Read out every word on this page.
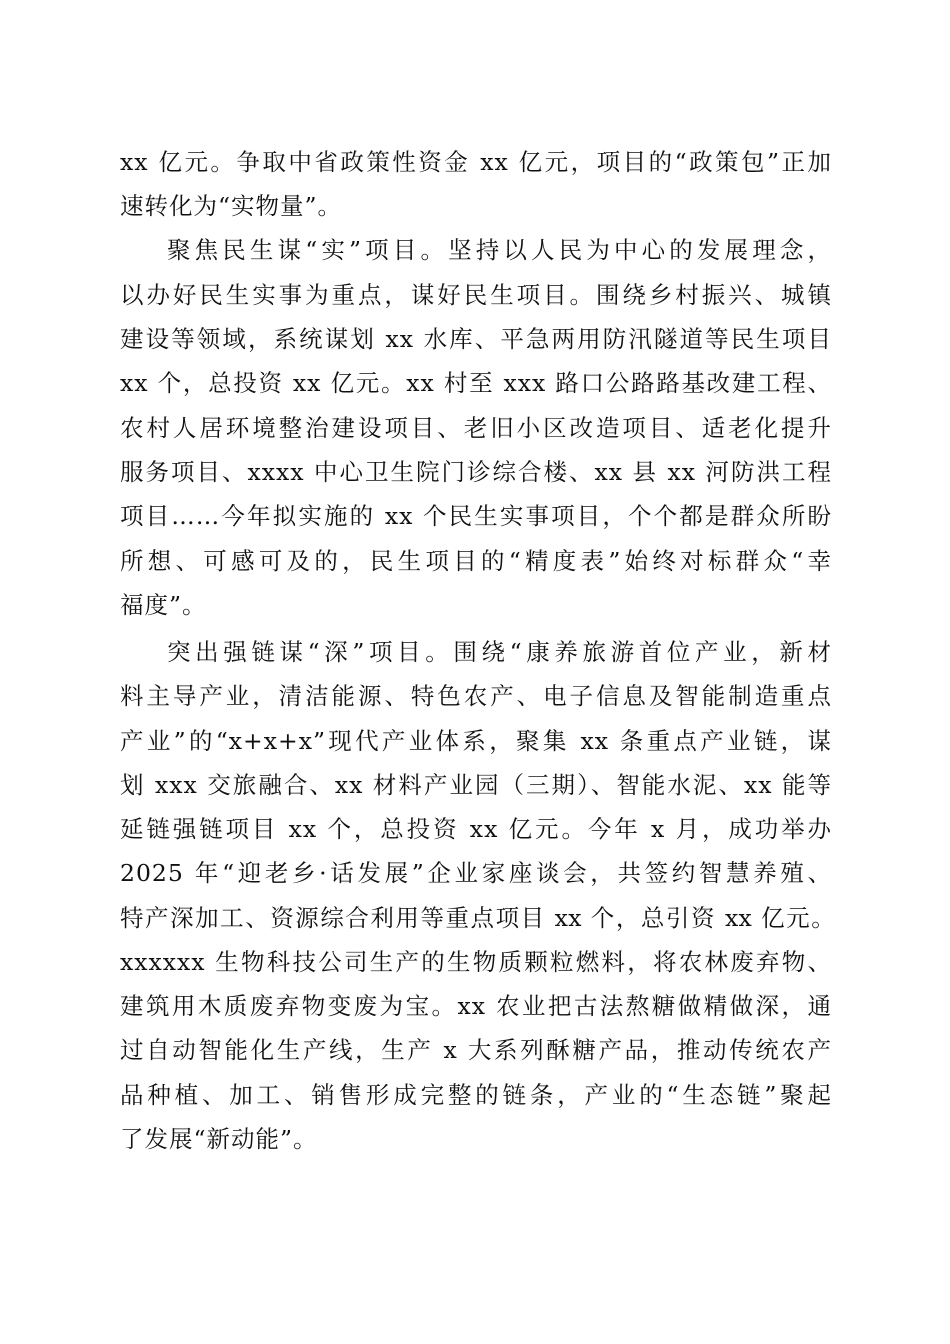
xx 亿元。争取中省政策性资金 xx 亿元，项目的“政策包”正加
速转化为“实物量”。
聚焦民生谋“实”项目。坚持以人民为中心的发展理念，
以办好民生实事为重点，谋好民生项目。围绕乡村振兴、城镇
建设等领域，系统谋划 xx 水库、平急两用防汛隧道等民生项目
xx 个，总投资 xx 亿元。xx 村至 xxx 路口公路路基改建工程、
农村人居环境整治建设项目、老旧小区改造项目、适老化提升
服务项目、xxxx 中心卫生院门诊综合楼、xx 县 xx 河防洪工程
项目……今年拟实施的 xx 个民生实事项目，个个都是群众所盼
所想、可感可及的，民生项目的“精度表”始终对标群众“幸
福度”。
突出强链谋“深”项目。围绕“康养旅游首位产业，新材
料主导产业，清洁能源、特色农产、电子信息及智能制造重点
产业”的“x+x+x”现代产业体系，聚集 xx 条重点产业链，谋
划 xxx 交旅融合、xx 材料产业园（三期）、智能水泥、xx 能等
延链强链项目 xx 个，总投资 xx 亿元。今年 x 月，成功举办
2025 年“迎老乡·话发展”企业家座谈会，共签约智慧养殖、
特产深加工、资源综合利用等重点项目 xx 个，总引资 xx 亿元。
xxxxxx 生物科技公司生产的生物质颗粒燃料，将农林废弃物、
建筑用木质废弃物变废为宝。xx 农业把古法熬糖做精做深，通
过自动智能化生产线，生产 x 大系列酥糖产品，推动传统农产
品种植、加工、销售形成完整的链条，产业的“生态链”聚起
了发展“新动能”。
